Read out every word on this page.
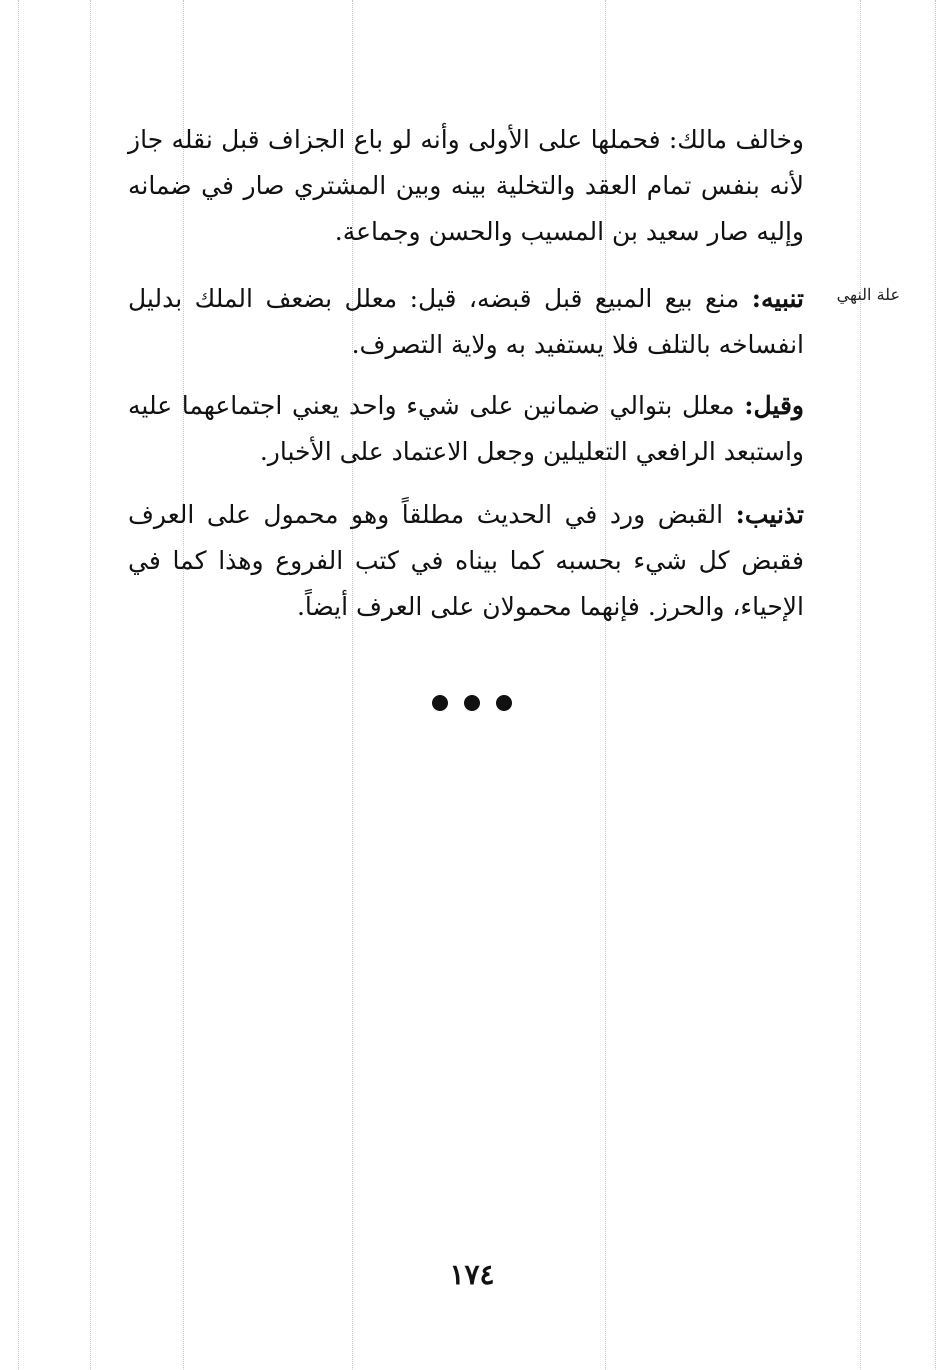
علة النهي

وخالف مالك: فحملها على الأولى وأنه لو باع الجزاف قبل نقله جاز لأنه بنفس تمام العقد والتخلية بينه وبين المشتري صار في ضمانه وإليه صار سعيد بن المسيب والحسن وجماعة.

تنبيه: منع بيع المبيع قبل قبضه، قيل: معلل بضعف الملك بدليل انفساخه بالتلف فلا يستفيد به ولاية التصرف.

وقيل: معلل بتوالي ضمانين على شيء واحد يعني اجتماعهما عليه واستبعد الرافعي التعليلين وجعل الاعتماد على الأخبار.

تذنيب: القبض ورد في الحديث مطلقاً وهو محمول على العرف فقبض كل شيء بحسبه كما بيناه في كتب الفروع وهذا كما في الإحياء، والحرز. فإنهما محمولان على العرف أيضاً.

١٧٤
